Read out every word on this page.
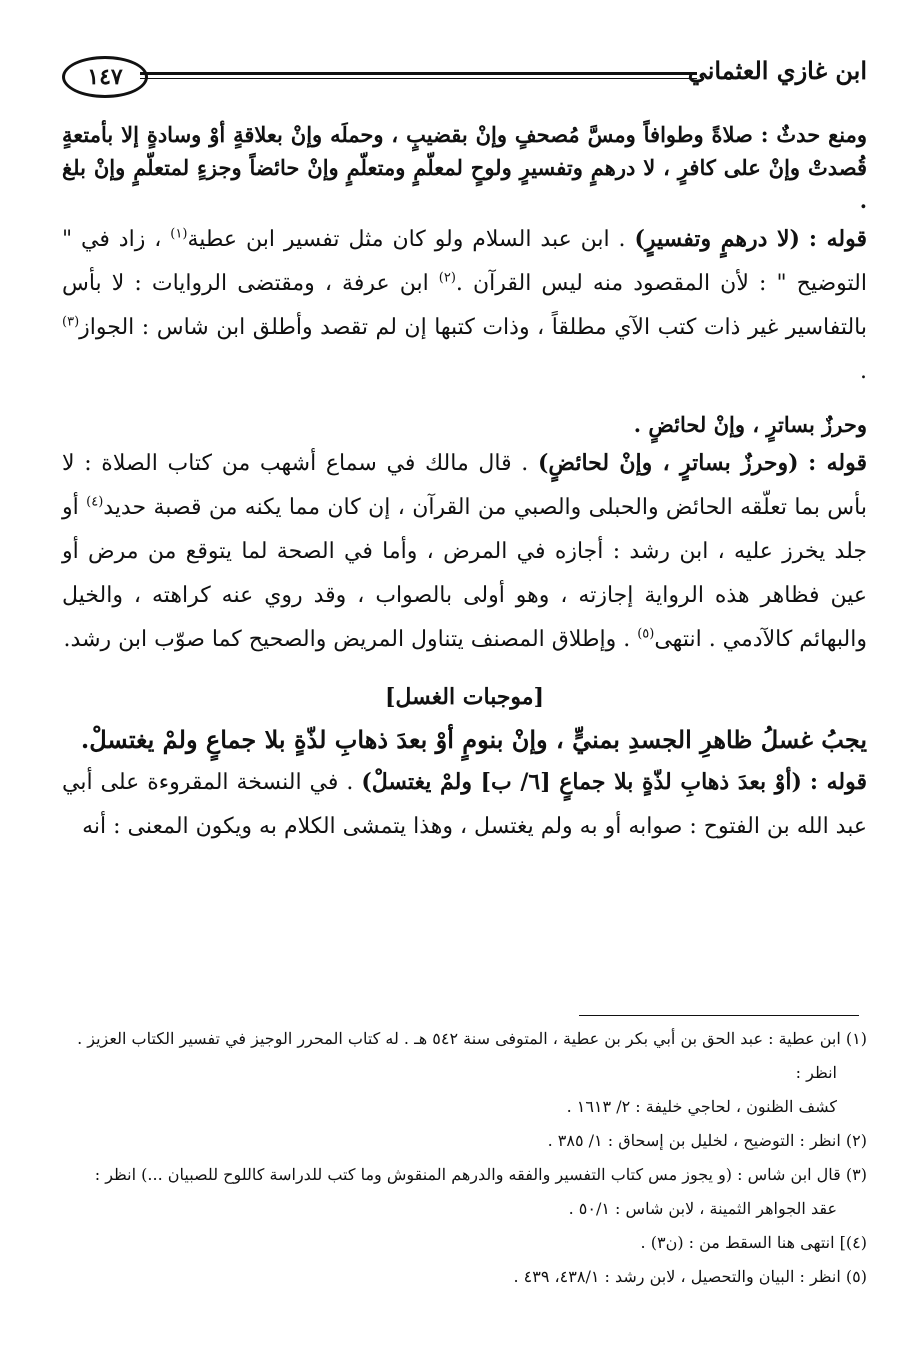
ابن غازي العثماني
١٤٧

ومنع حدثٌ : صلاةً وطوافاً ومسَّ مُصحفٍ وإنْ بقضيبٍ ، وحملَه وإنْ بعلاقةٍ أوْ وسادةٍ إلا بأمتعةٍ قُصدتْ وإنْ على كافرٍ ، لا درهمٍ وتفسيرٍ ولوحٍ لمعلّمٍ ومتعلّمٍ وإنْ حائضاً وجزءٍ لمتعلّمٍ وإنْ بلغ .

قوله : (لا درهمٍ وتفسيرٍ) . ابن عبد السلام ولو كان مثل تفسير ابن عطية$^{(١)}$ ، زاد في " التوضيح " : لأن المقصود منه ليس القرآن .$^{(٢)}$ ابن عرفة ، ومقتضى الروايات : لا بأس بالتفاسير غير ذات كتب الآي مطلقاً ، وذات كتبها إن لم تقصد وأطلق ابن شاس : الجواز$^{(٣)}$ .

وحرزٌ بساترٍ ، وإنْ لحائضٍ .

قوله : (وحرزٌ بساترٍ ، وإنْ لحائضٍ) . قال مالك في سماع أشهب من كتاب الصلاة : لا بأس بما تعلّقه الحائض والحبلى والصبي من القرآن ، إن كان مما يكنه من قصبة حديد$^{(٤)}$ أو جلد يخرز عليه ، ابن رشد : أجازه في المرض ، وأما في الصحة لما يتوقع من مرض أو عين فظاهر هذه الرواية إجازته ، وهو أولى بالصواب ، وقد روي عنه كراهته ، والخيل والبهائم كالآدمي . انتهى$^{(٥)}$ . وإطلاق المصنف يتناول المريض والصحيح كما صوّب ابن رشد.

[موجبات الغسل]

يجبُ غسلُ ظاهرِ الجسدِ بمنيٍّ ، وإنْ بنومٍ أوْ بعدَ ذهابِ لذّةٍ بلا جماعٍ ولمْ يغتسلْ.

قوله : (أوْ بعدَ ذهابِ لذّةٍ بلا جماعٍ [٦/ ب] ولمْ يغتسلْ) . في النسخة المقروءة على أبي عبد الله بن الفتوح : صوابه أو به ولم يغتسل ، وهذا يتمشى الكلام به ويكون المعنى : أنه

(١) ابن عطية : عبد الحق بن أبي بكر بن عطية ، المتوفى سنة ٥٤٢ هـ . له كتاب المحرر الوجيز في تفسير الكتاب العزيز . انظر :

كشف الظنون ، لحاجي خليفة : ٢/ ١٦١٣ .

(٢) انظر : التوضيح ، لخليل بن إسحاق : ١/ ٣٨٥ .

(٣) قال ابن شاس : (و يجوز مس كتاب التفسير والفقه والدرهم المنقوش وما كتب للدراسة كاللوح للصبيان ...) انظر :

عقد الجواهر الثمينة ، لابن شاس : ٥٠/١ .

(٤)] انتهى هنا السقط من : (ن٣) .

(٥) انظر : البيان والتحصيل ، لابن رشد : ٤٣٨/١، ٤٣٩ .
